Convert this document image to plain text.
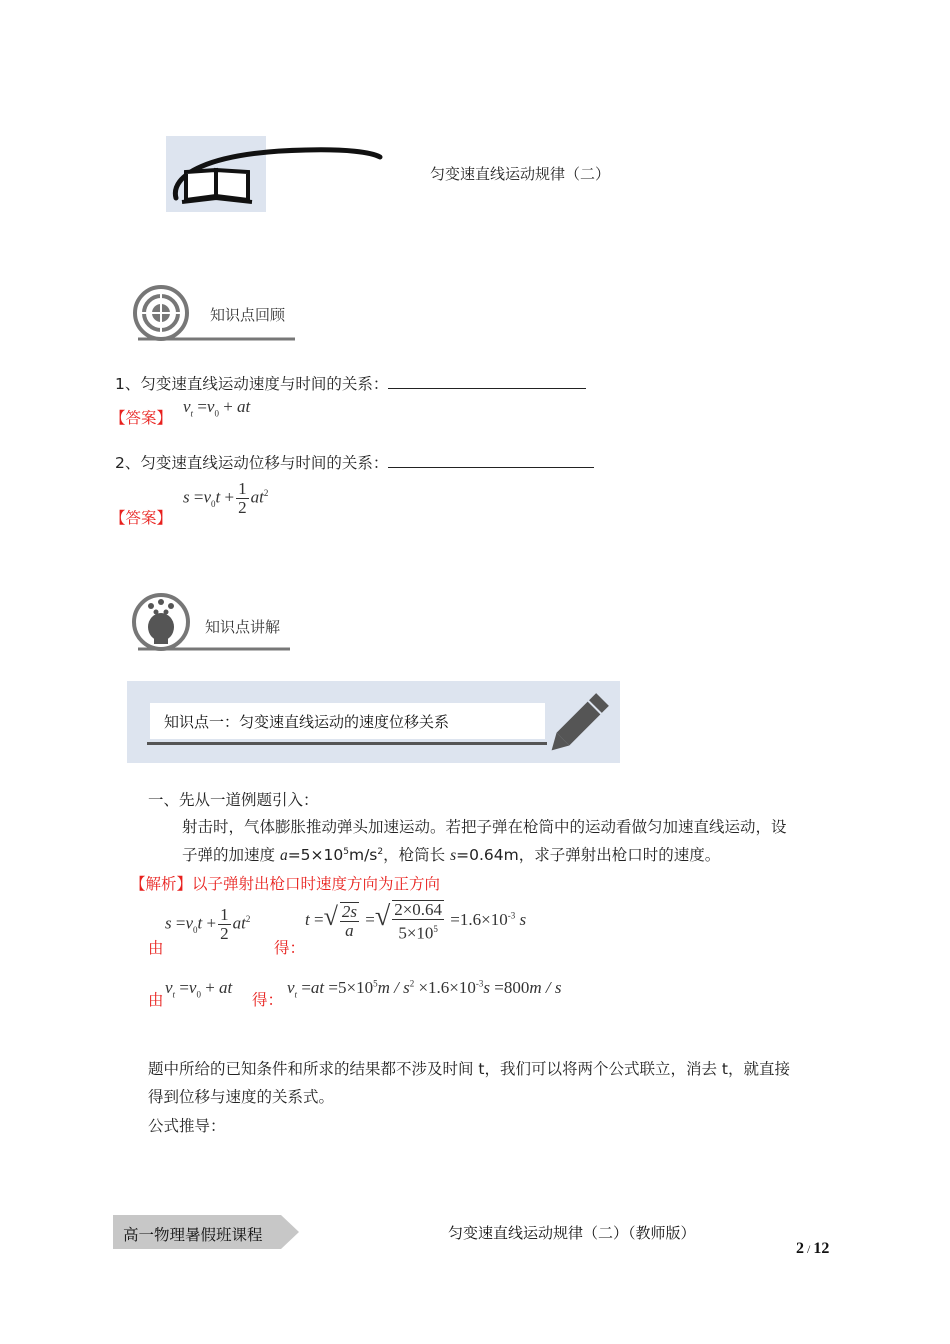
匀变速直线运动规律（二）
知识点回顾
1、匀变速直线运动速度与时间的关系：
【答案】
$v_t =v_0$ + at
2、匀变速直线运动位移与时间的关系：
$s =v_0t + \frac{1}{2} at^2$
【答案】
知识点讲解
知识点一：匀变速直线运动的速度位移关系
一、先从一道例题引入：
射击时，气体膨胀推动弹头加速运动。若把子弹在枪筒中的运动看做匀加速直线运动，设
子弹的加速度 $a=5\times 10^5m/s^2$，枪筒长 s=0.64m，求子弹射出枪口时的速度。
【解析】以子弹射出枪口时速度方向为正方向
由
$s =v_0t + \frac{1}{2} at^2$
得：
t =√ $\frac{2s}{a}$ =√ $\frac{2\times 0.64}{5\times 10^5} =1.6\times 10^{-3}$ s
由
$v_t =v_0$ + at
得：
$v_t =at =5\times 10^5m / s^2 \times 1.6\times 10^{-3}s =800m / s$
题中所给的已知条件和所求的结果都不涉及时间 t，我们可以将两个公式联立，消去 t，就直接
得到位移与速度的关系式。
公式推导：
高一物理暑假班课程	匀变速直线运动规律（二）（教师版）
2 / 12
